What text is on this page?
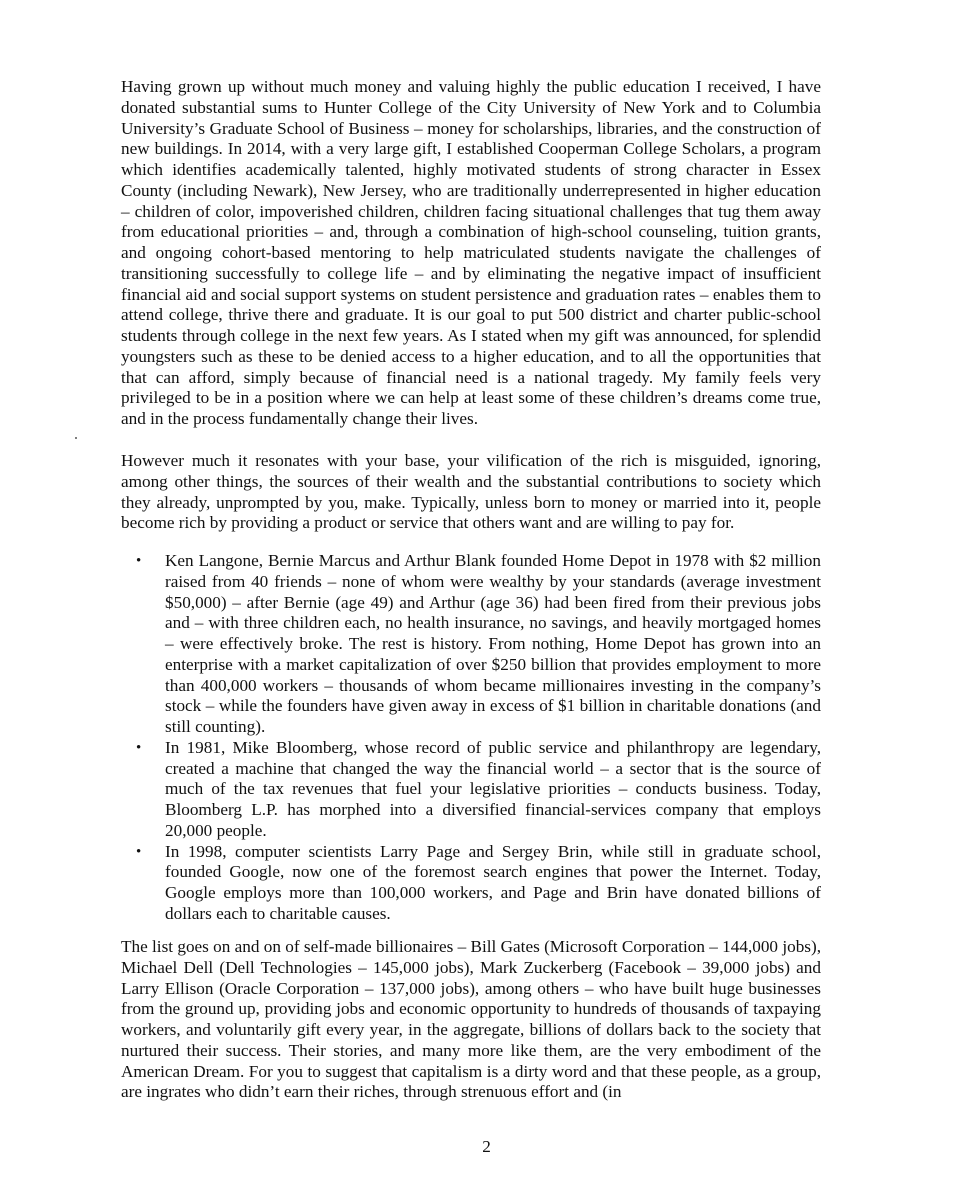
Having grown up without much money and valuing highly the public education I received, I have donated substantial sums to Hunter College of the City University of New York and to Columbia University’s Graduate School of Business – money for scholarships, libraries, and the construction of new buildings. In 2014, with a very large gift, I established Cooperman College Scholars, a program which identifies academically talented, highly motivated students of strong character in Essex County (including Newark), New Jersey, who are traditionally underrepresented in higher education – children of color, impoverished children, children facing situational challenges that tug them away from educational priorities – and, through a combination of high-school counseling, tuition grants, and ongoing cohort-based mentoring to help matriculated students navigate the challenges of transitioning successfully to college life – and by eliminating the negative impact of insufficient financial aid and social support systems on student persistence and graduation rates – enables them to attend college, thrive there and graduate. It is our goal to put 500 district and charter public-school students through college in the next few years. As I stated when my gift was announced, for splendid youngsters such as these to be denied access to a higher education, and to all the opportunities that that can afford, simply because of financial need is a national tragedy. My family feels very privileged to be in a position where we can help at least some of these children’s dreams come true, and in the process fundamentally change their lives.

However much it resonates with your base, your vilification of the rich is misguided, ignoring, among other things, the sources of their wealth and the substantial contributions to society which they already, unprompted by you, make. Typically, unless born to money or married into it, people become rich by providing a product or service that others want and are willing to pay for.

• Ken Langone, Bernie Marcus and Arthur Blank founded Home Depot in 1978 with $2 million raised from 40 friends – none of whom were wealthy by your standards (average investment $50,000) – after Bernie (age 49) and Arthur (age 36) had been fired from their previous jobs and – with three children each, no health insurance, no savings, and heavily mortgaged homes – were effectively broke. The rest is history. From nothing, Home Depot has grown into an enterprise with a market capitalization of over $250 billion that provides employment to more than 400,000 workers – thousands of whom became millionaires investing in the company’s stock – while the founders have given away in excess of $1 billion in charitable donations (and still counting).
• In 1981, Mike Bloomberg, whose record of public service and philanthropy are legendary, created a machine that changed the way the financial world – a sector that is the source of much of the tax revenues that fuel your legislative priorities – conducts business. Today, Bloomberg L.P. has morphed into a diversified financial-services company that employs 20,000 people.
• In 1998, computer scientists Larry Page and Sergey Brin, while still in graduate school, founded Google, now one of the foremost search engines that power the Internet. Today, Google employs more than 100,000 workers, and Page and Brin have donated billions of dollars each to charitable causes.

The list goes on and on of self-made billionaires – Bill Gates (Microsoft Corporation – 144,000 jobs), Michael Dell (Dell Technologies – 145,000 jobs), Mark Zuckerberg (Facebook – 39,000 jobs) and Larry Ellison (Oracle Corporation – 137,000 jobs), among others – who have built huge businesses from the ground up, providing jobs and economic opportunity to hundreds of thousands of taxpaying workers, and voluntarily gift every year, in the aggregate, billions of dollars back to the society that nurtured their success. Their stories, and many more like them, are the very embodiment of the American Dream. For you to suggest that capitalism is a dirty word and that these people, as a group, are ingrates who didn’t earn their riches, through strenuous effort and (in

2
